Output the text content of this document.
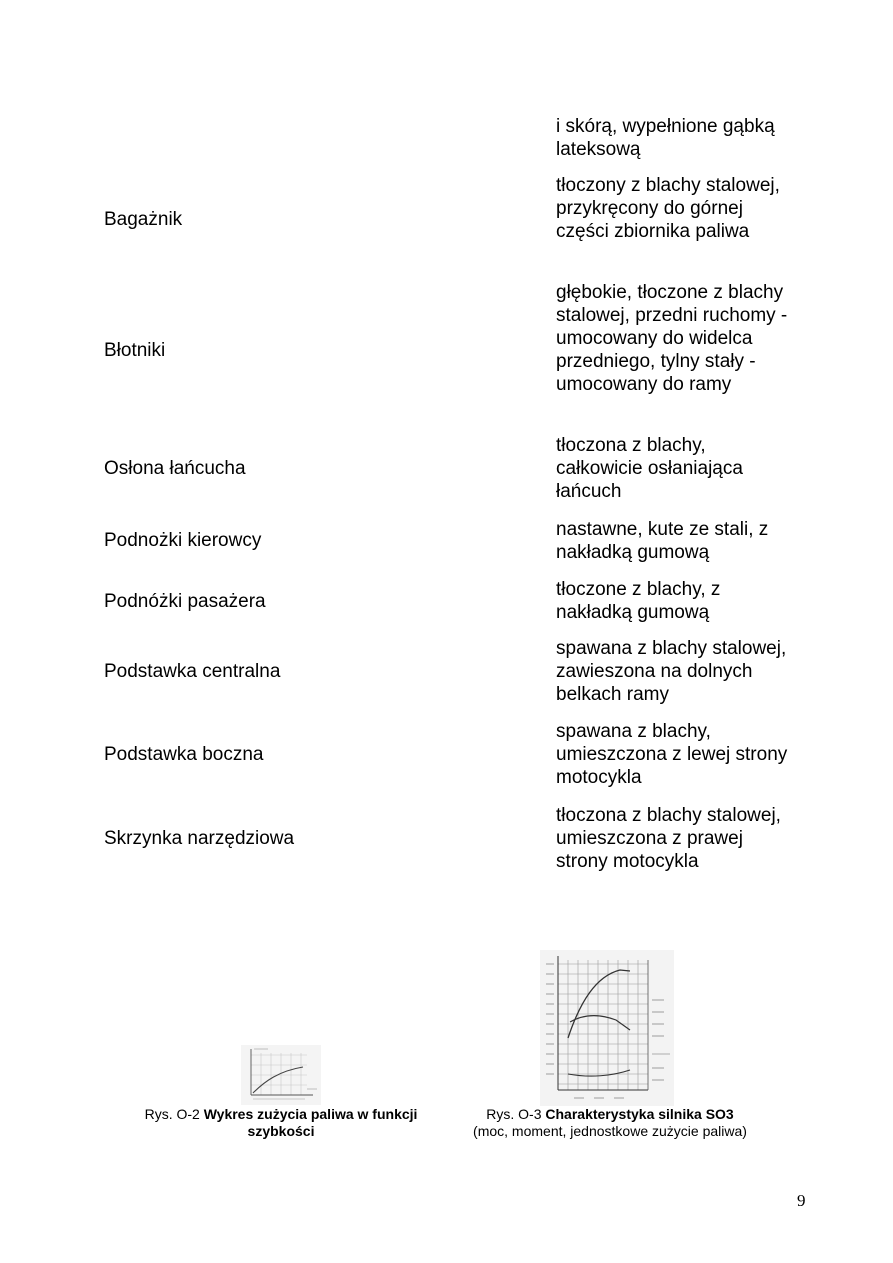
i skórą, wypełnione gąbką lateksową
Bagażnik
tłoczony z blachy stalowej, przykręcony do górnej części zbiornika paliwa
Błotniki
głębokie, tłoczone z blachy stalowej, przedni ruchomy - umocowany do widelca przedniego, tylny stały - umocowany do ramy
Osłona łańcucha
tłoczona z blachy, całkowicie osłaniająca łańcuch
Podnożki kierowcy
nastawne, kute ze stali, z nakładką gumową
Podnóżki pasażera
tłoczone z blachy, z nakładką gumową
Podstawka centralna
spawana z blachy stalowej, zawieszona na dolnych belkach ramy
Podstawka boczna
spawana z blachy, umieszczona z lewej strony motocykla
Skrzynka narzędziowa
tłoczona z blachy stalowej, umieszczona z prawej strony motocykla
Rys. O-2 Wykres zużycia paliwa w funkcji szybkości
Rys. O-3 Charakterystyka silnika SO3
(moc, moment, jednostkowe zużycie paliwa)
9
